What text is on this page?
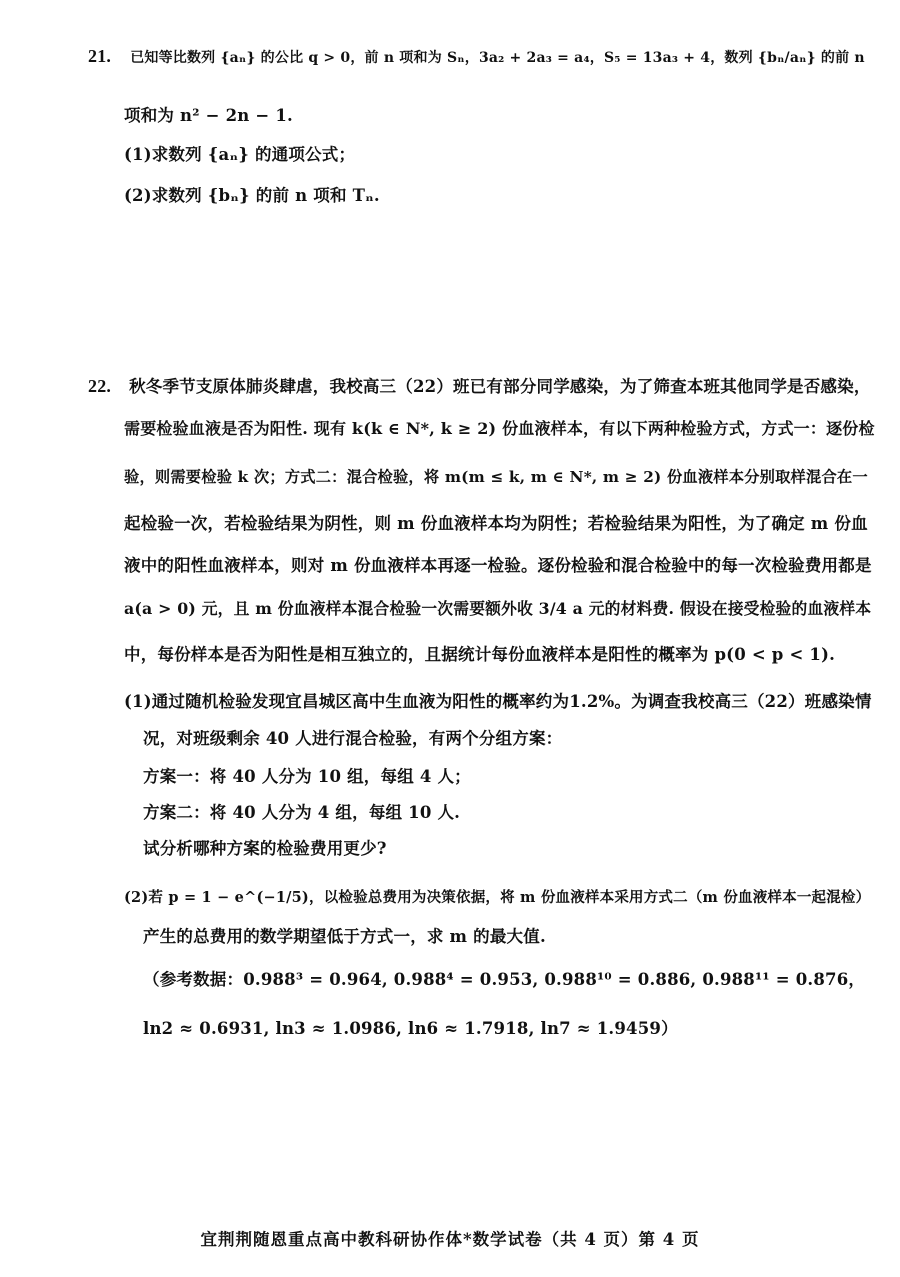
21. 已知等比数列 {aₙ} 的公比 q > 0，前 n 项和为 Sₙ，3a₂ + 2a₃ = a₄，S₅ = 13a₃ + 4，数列 {bₙ/aₙ} 的前 n
项和为 n² − 2n − 1.
(1)求数列 {aₙ} 的通项公式；
(2)求数列 {bₙ} 的前 n 项和 Tₙ.
22. 秋冬季节支原体肺炎肆虐，我校高三（22）班已有部分同学感染，为了筛查本班其他同学是否感染，
需要检验血液是否为阳性. 现有 k(k ∈ N*, k ≥ 2) 份血液样本，有以下两种检验方式，方式一：逐份检
验，则需要检验 k 次；方式二：混合检验，将 m(m ≤ k, m ∈ N*, m ≥ 2) 份血液样本分别取样混合在一
起检验一次，若检验结果为阴性，则 m 份血液样本均为阴性；若检验结果为阳性，为了确定 m 份血
液中的阳性血液样本，则对 m 份血液样本再逐一检验。逐份检验和混合检验中的每一次检验费用都是
a(a > 0) 元，且 m 份血液样本混合检验一次需要额外收 3/4 a 元的材料费. 假设在接受检验的血液样本
中，每份样本是否为阳性是相互独立的，且据统计每份血液样本是阳性的概率为 p(0 < p < 1).
(1)通过随机检验发现宜昌城区高中生血液为阳性的概率约为1.2%。为调查我校高三（22）班感染情
况，对班级剩余 40 人进行混合检验，有两个分组方案：
方案一：将 40 人分为 10 组，每组 4 人；
方案二：将 40 人分为 4 组，每组 10 人.
试分析哪种方案的检验费用更少?
(2)若 p = 1 − e^(−1/5)，以检验总费用为决策依据，将 m 份血液样本采用方式二（m 份血液样本一起混检）
产生的总费用的数学期望低于方式一，求 m 的最大值.
（参考数据：0.988³ = 0.964, 0.988⁴ = 0.953, 0.988¹⁰ = 0.886, 0.988¹¹ = 0.876，
ln2 ≈ 0.6931, ln3 ≈ 1.0986, ln6 ≈ 1.7918, ln7 ≈ 1.9459）
宜荆荆随恩重点高中教科研协作体*数学试卷（共 4 页）第 4 页
